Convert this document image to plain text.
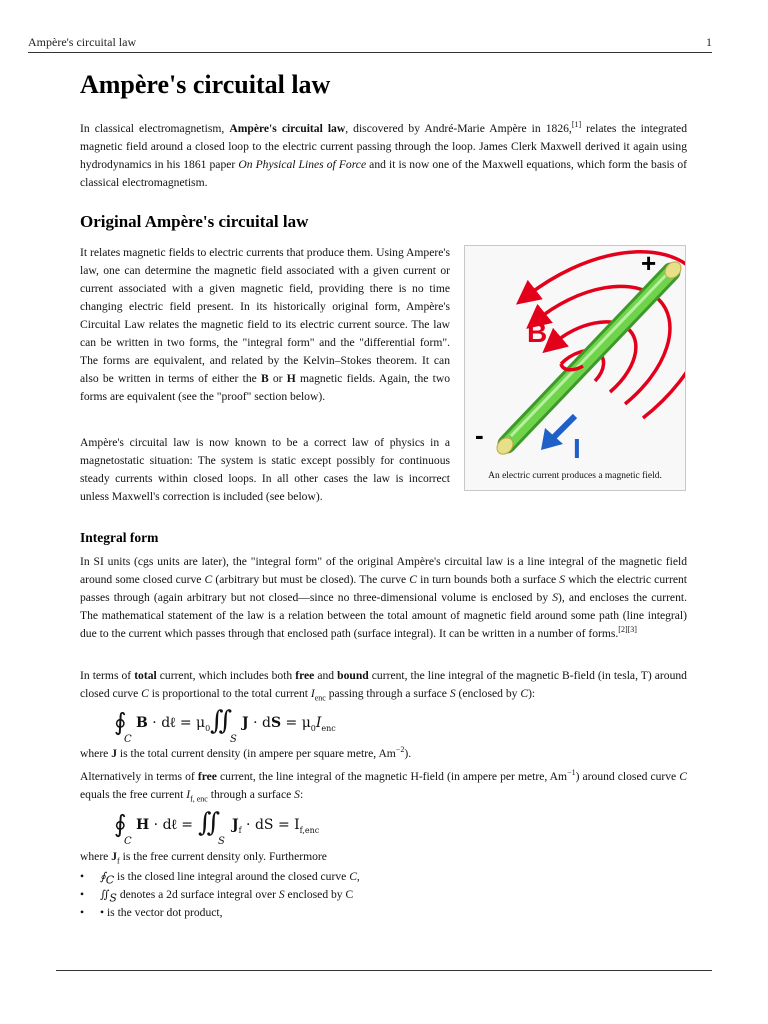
Ampère's circuital law	1
Ampère's circuital law

In classical electromagnetism, Ampère's circuital law, discovered by André-Marie Ampère in 1826,[1] relates the integrated magnetic field around a closed loop to the electric current passing through the loop. James Clerk Maxwell derived it again using hydrodynamics in his 1861 paper On Physical Lines of Force and it is now one of the Maxwell equations, which form the basis of classical electromagnetism.

Original Ampère's circuital law

It relates magnetic fields to electric currents that produce them. Using Ampere's law, one can determine the magnetic field associated with a given current or current associated with a given magnetic field, providing there is no time changing electric field present. In its historically original form, Ampère's Circuital Law relates the magnetic field to its electric current source. The law can be written in two forms, the "integral form" and the "differential form". The forms are equivalent, and related by the Kelvin–Stokes theorem. It can also be written in terms of either the B or H magnetic fields. Again, the two forms are equivalent (see the "proof" section below).

Ampère's circuital law is now known to be a correct law of physics in a magnetostatic situation: The system is static except possibly for continuous steady currents within closed loops. In all other cases the law is incorrect unless Maxwell's correction is included (see below).

+
-
B
I
An electric current produces a magnetic field.
Integral form

In SI units (cgs units are later), the "integral form" of the original Ampère's circuital law is a line integral of the magnetic field around some closed curve C (arbitrary but must be closed). The curve C in turn bounds both a surface S which the electric current passes through (again arbitrary but not closed—since no three-dimensional volume is enclosed by S), and encloses the current. The mathematical statement of the law is a relation between the total amount of magnetic field around some path (line integral) due to the current which passes through that enclosed path (surface integral). It can be written in a number of forms.[2][3]

In terms of total current, which includes both free and bound current, the line integral of the magnetic B-field (in tesla, T) around closed curve C is proportional to the total current $I_{enc}$ passing through a surface S (enclosed by C):

∮
C
B · dℓ = $\mu_0$ ∬
S
J · dS = $\mu_0I_{enc}$

where J is the total current density (in ampere per square metre, $Am^{-2}$).

Alternatively in terms of free current, the line integral of the magnetic H-field (in ampere per metre, $Am^{-1}$) around closed curve C equals the free current $I_{f, enc}$ through a surface S:

∮
C
H · dℓ = ∬
S
$J_f$ · dS = $I_{f,enc}$

where $J_f$ is the free current density only. Furthermore

• $∮_C$ is the closed line integral around the closed curve C,
• $∬_S$ denotes a 2d surface integral over S enclosed by C
• • is the vector dot product,
